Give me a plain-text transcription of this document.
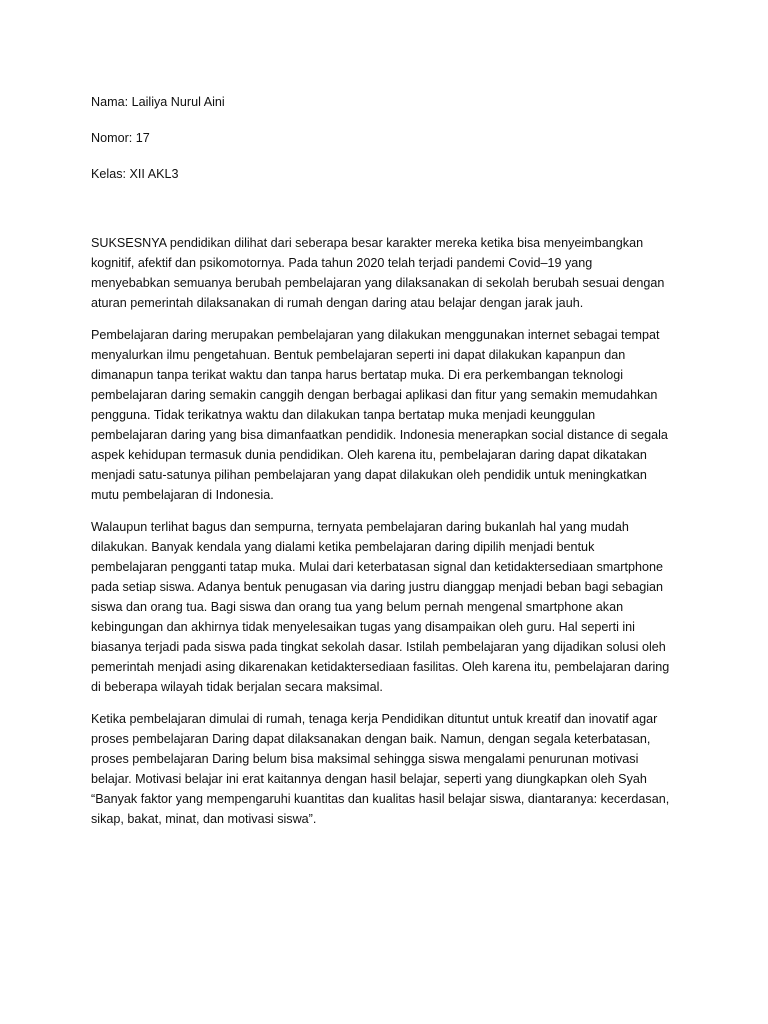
Nama: Lailiya Nurul Aini

Nomor: 17

Kelas: XII AKL3

SUKSESNYA pendidikan dilihat dari seberapa besar karakter mereka ketika bisa menyeimbangkan
kognitif, afektif dan psikomotornya. Pada tahun 2020 telah terjadi pandemi Covid–19 yang
menyebabkan semuanya berubah pembelajaran yang dilaksanakan di sekolah berubah sesuai dengan
aturan pemerintah dilaksanakan di rumah dengan daring atau belajar dengan jarak jauh.
Pembelajaran daring merupakan pembelajaran yang dilakukan menggunakan internet sebagai tempat
menyalurkan ilmu pengetahuan. Bentuk pembelajaran seperti ini dapat dilakukan kapanpun dan
dimanapun tanpa terikat waktu dan tanpa harus bertatap muka. Di era perkembangan teknologi
pembelajaran daring semakin canggih dengan berbagai aplikasi dan fitur yang semakin memudahkan
pengguna. Tidak terikatnya waktu dan dilakukan tanpa bertatap muka menjadi keunggulan
pembelajaran daring yang bisa dimanfaatkan pendidik. Indonesia menerapkan social distance di segala
aspek kehidupan termasuk dunia pendidikan. Oleh karena itu, pembelajaran daring dapat dikatakan
menjadi satu-satunya pilihan pembelajaran yang dapat dilakukan oleh pendidik untuk meningkatkan
mutu pembelajaran di Indonesia.
Walaupun terlihat bagus dan sempurna, ternyata pembelajaran daring bukanlah hal yang mudah
dilakukan. Banyak kendala yang dialami ketika pembelajaran daring dipilih menjadi bentuk
pembelajaran pengganti tatap muka. Mulai dari keterbatasan signal dan ketidaktersediaan smartphone
pada setiap siswa. Adanya bentuk penugasan via daring justru dianggap menjadi beban bagi sebagian
siswa dan orang tua. Bagi siswa dan orang tua yang belum pernah mengenal smartphone akan
kebingungan dan akhirnya tidak menyelesaikan tugas yang disampaikan oleh guru. Hal seperti ini
biasanya terjadi pada siswa pada tingkat sekolah dasar. Istilah pembelajaran yang dijadikan solusi oleh
pemerintah menjadi asing dikarenakan ketidaktersediaan fasilitas. Oleh karena itu, pembelajaran daring
di beberapa wilayah tidak berjalan secara maksimal.
Ketika pembelajaran dimulai di rumah, tenaga kerja Pendidikan dituntut untuk kreatif dan inovatif agar
proses pembelajaran Daring dapat dilaksanakan dengan baik. Namun, dengan segala keterbatasan,
proses pembelajaran Daring belum bisa maksimal sehingga siswa mengalami penurunan motivasi
belajar. Motivasi belajar ini erat kaitannya dengan hasil belajar, seperti yang diungkapkan oleh Syah
“Banyak faktor yang mempengaruhi kuantitas dan kualitas hasil belajar siswa, diantaranya: kecerdasan,
sikap, bakat, minat, dan motivasi siswa”.
